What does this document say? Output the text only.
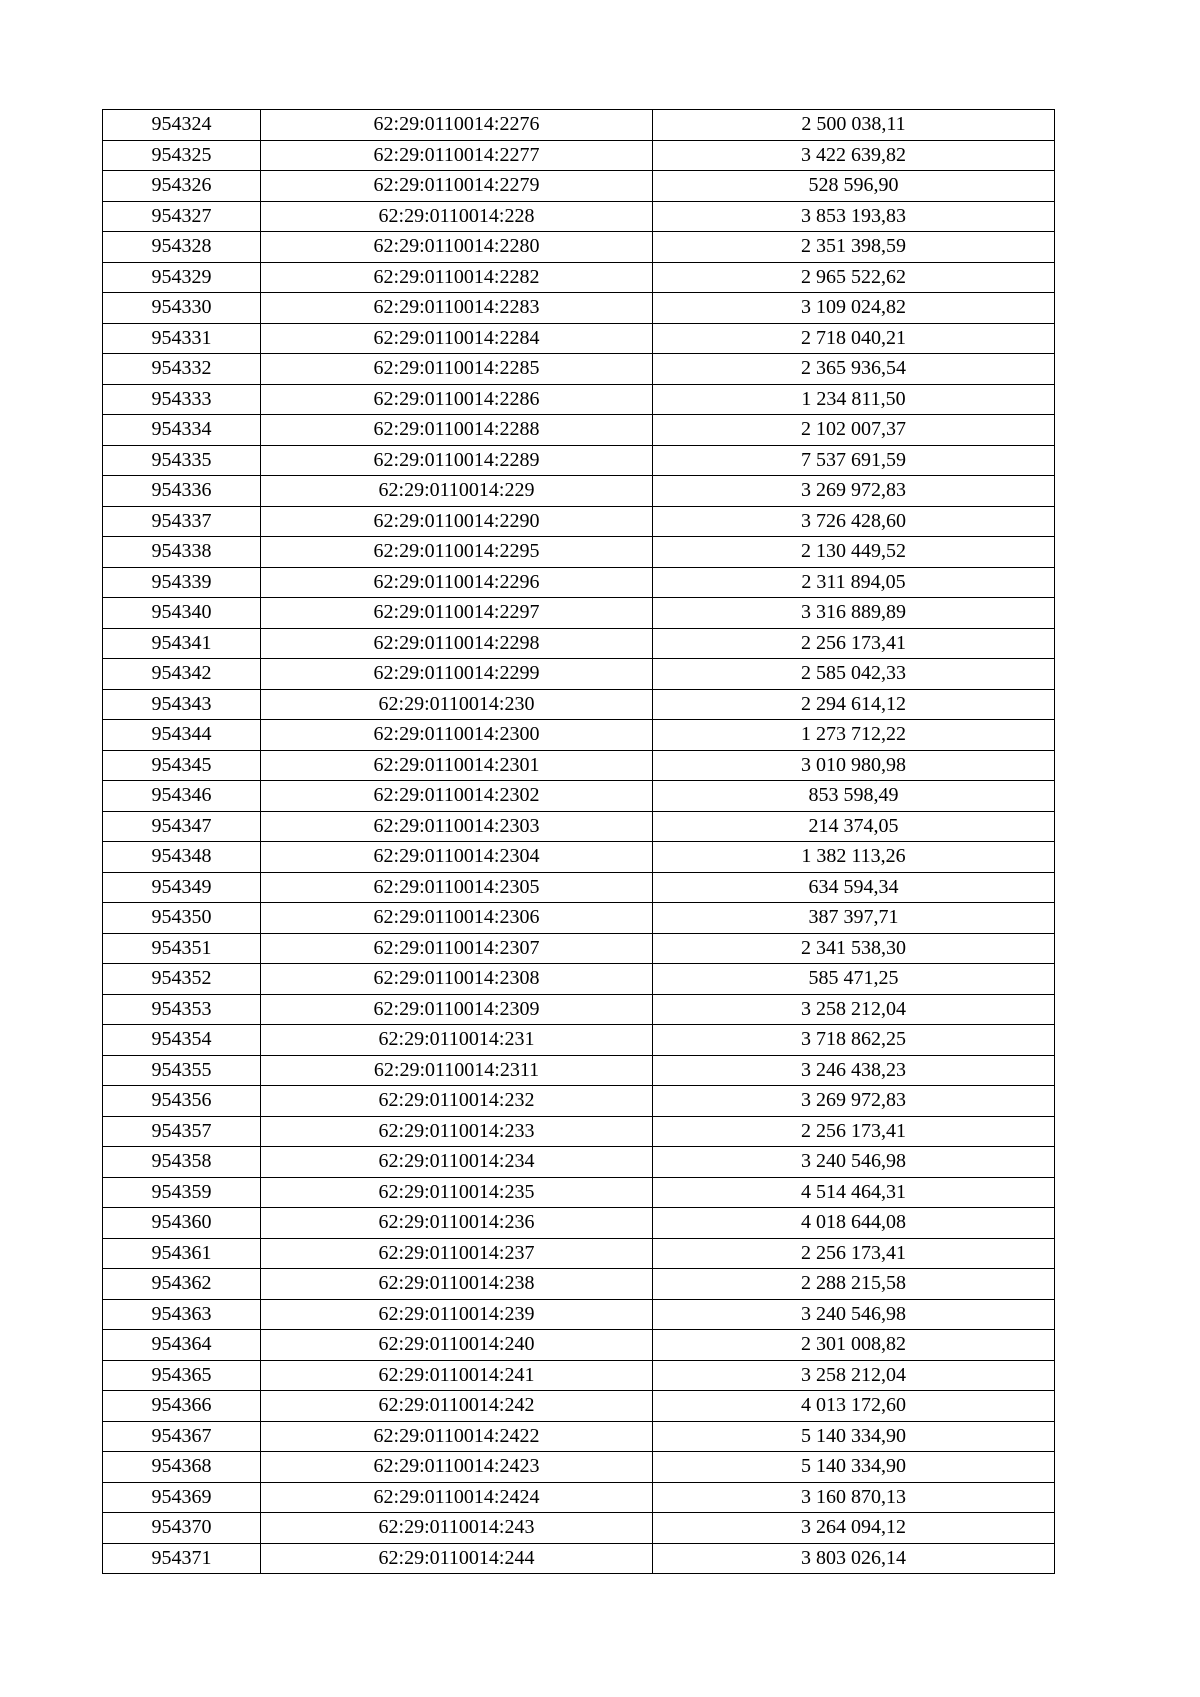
954324	62:29:0110014:2276	2 500 038,11
954325	62:29:0110014:2277	3 422 639,82
954326	62:29:0110014:2279	528 596,90
954327	62:29:0110014:228	3 853 193,83
954328	62:29:0110014:2280	2 351 398,59
954329	62:29:0110014:2282	2 965 522,62
954330	62:29:0110014:2283	3 109 024,82
954331	62:29:0110014:2284	2 718 040,21
954332	62:29:0110014:2285	2 365 936,54
954333	62:29:0110014:2286	1 234 811,50
954334	62:29:0110014:2288	2 102 007,37
954335	62:29:0110014:2289	7 537 691,59
954336	62:29:0110014:229	3 269 972,83
954337	62:29:0110014:2290	3 726 428,60
954338	62:29:0110014:2295	2 130 449,52
954339	62:29:0110014:2296	2 311 894,05
954340	62:29:0110014:2297	3 316 889,89
954341	62:29:0110014:2298	2 256 173,41
954342	62:29:0110014:2299	2 585 042,33
954343	62:29:0110014:230	2 294 614,12
954344	62:29:0110014:2300	1 273 712,22
954345	62:29:0110014:2301	3 010 980,98
954346	62:29:0110014:2302	853 598,49
954347	62:29:0110014:2303	214 374,05
954348	62:29:0110014:2304	1 382 113,26
954349	62:29:0110014:2305	634 594,34
954350	62:29:0110014:2306	387 397,71
954351	62:29:0110014:2307	2 341 538,30
954352	62:29:0110014:2308	585 471,25
954353	62:29:0110014:2309	3 258 212,04
954354	62:29:0110014:231	3 718 862,25
954355	62:29:0110014:2311	3 246 438,23
954356	62:29:0110014:232	3 269 972,83
954357	62:29:0110014:233	2 256 173,41
954358	62:29:0110014:234	3 240 546,98
954359	62:29:0110014:235	4 514 464,31
954360	62:29:0110014:236	4 018 644,08
954361	62:29:0110014:237	2 256 173,41
954362	62:29:0110014:238	2 288 215,58
954363	62:29:0110014:239	3 240 546,98
954364	62:29:0110014:240	2 301 008,82
954365	62:29:0110014:241	3 258 212,04
954366	62:29:0110014:242	4 013 172,60
954367	62:29:0110014:2422	5 140 334,90
954368	62:29:0110014:2423	5 140 334,90
954369	62:29:0110014:2424	3 160 870,13
954370	62:29:0110014:243	3 264 094,12
954371	62:29:0110014:244	3 803 026,14
